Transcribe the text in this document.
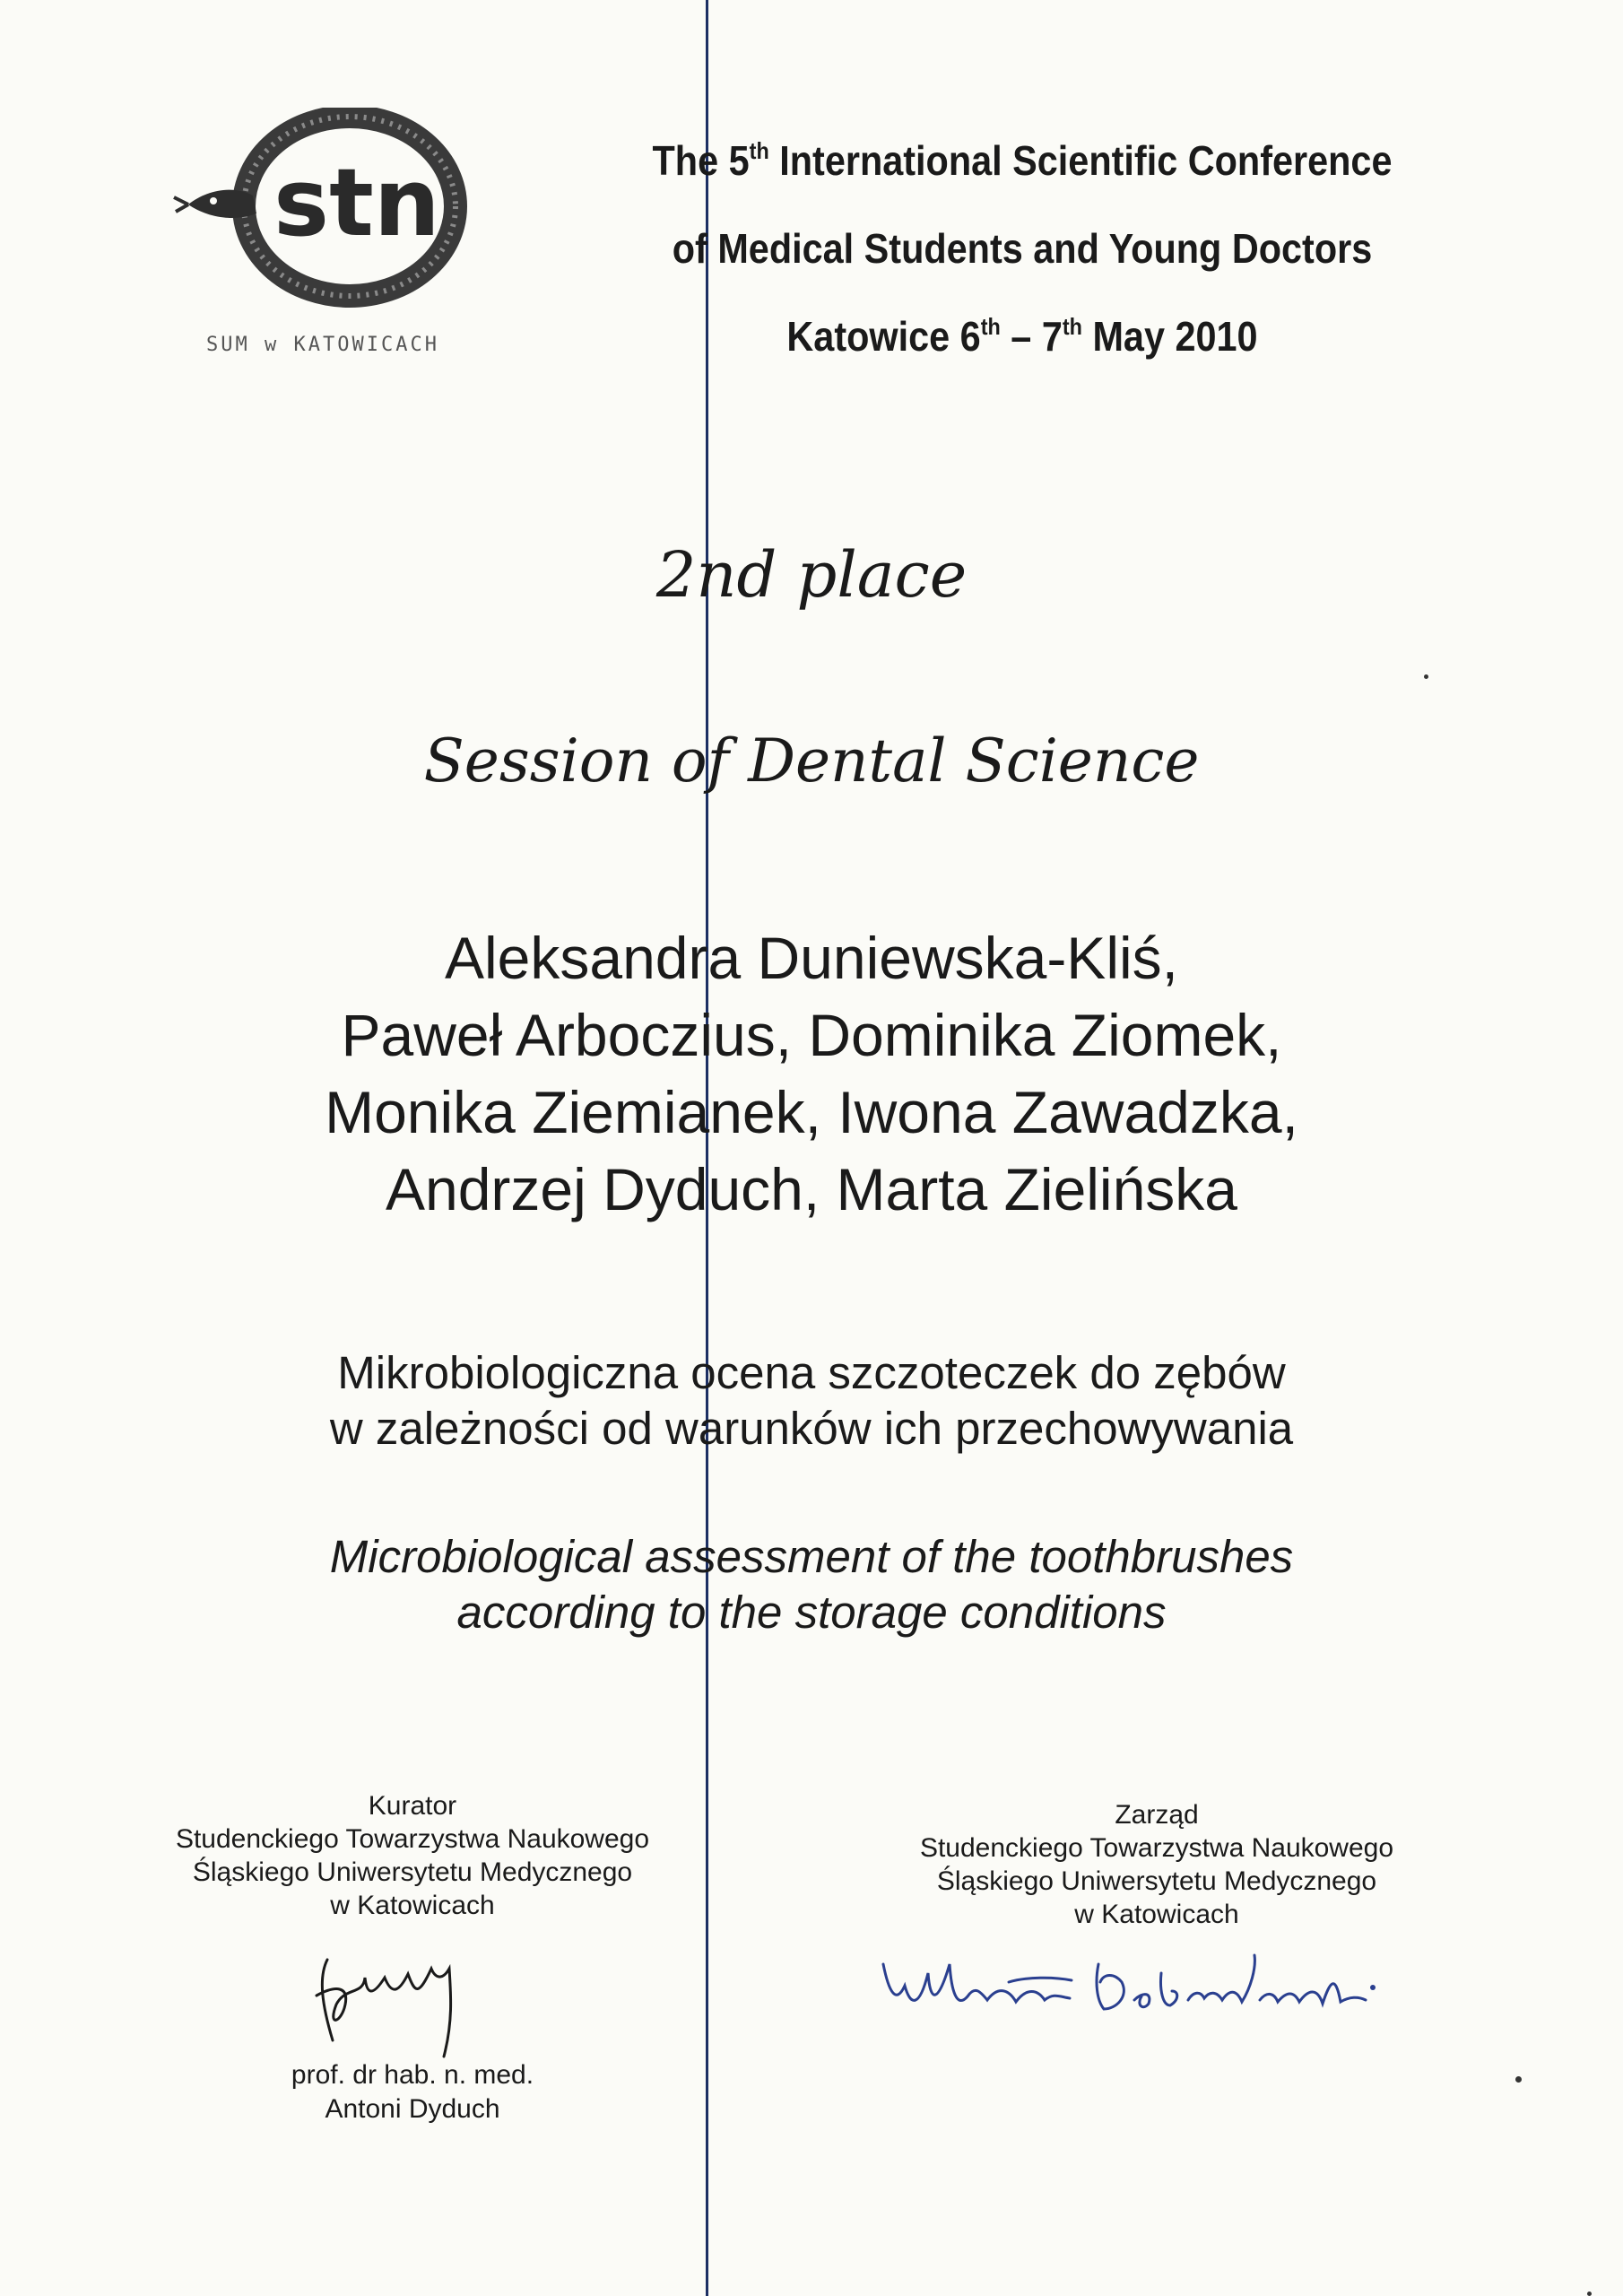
stn
SUM w KATOWICACH
The 5th International Scientific Conference
of Medical Students and Young Doctors
Katowice 6th – 7th May 2010
2nd place
Session of Dental Science
Aleksandra Duniewska-Kliś,
Paweł Arboczius, Dominika Ziomek,
Monika Ziemianek, Iwona Zawadzka,
Andrzej Dyduch, Marta Zielińska
Mikrobiologiczna ocena szczoteczek do zębów
w zależności od warunków ich przechowywania
Microbiological assessment of the toothbrushes
according to the storage conditions
Kurator
Studenckiego Towarzystwa Naukowego
Śląskiego Uniwersytetu Medycznego
w Katowicach
prof. dr hab. n. med.
Antoni Dyduch
Zarząd
Studenckiego Towarzystwa Naukowego
Śląskiego Uniwersytetu Medycznego
w Katowicach
